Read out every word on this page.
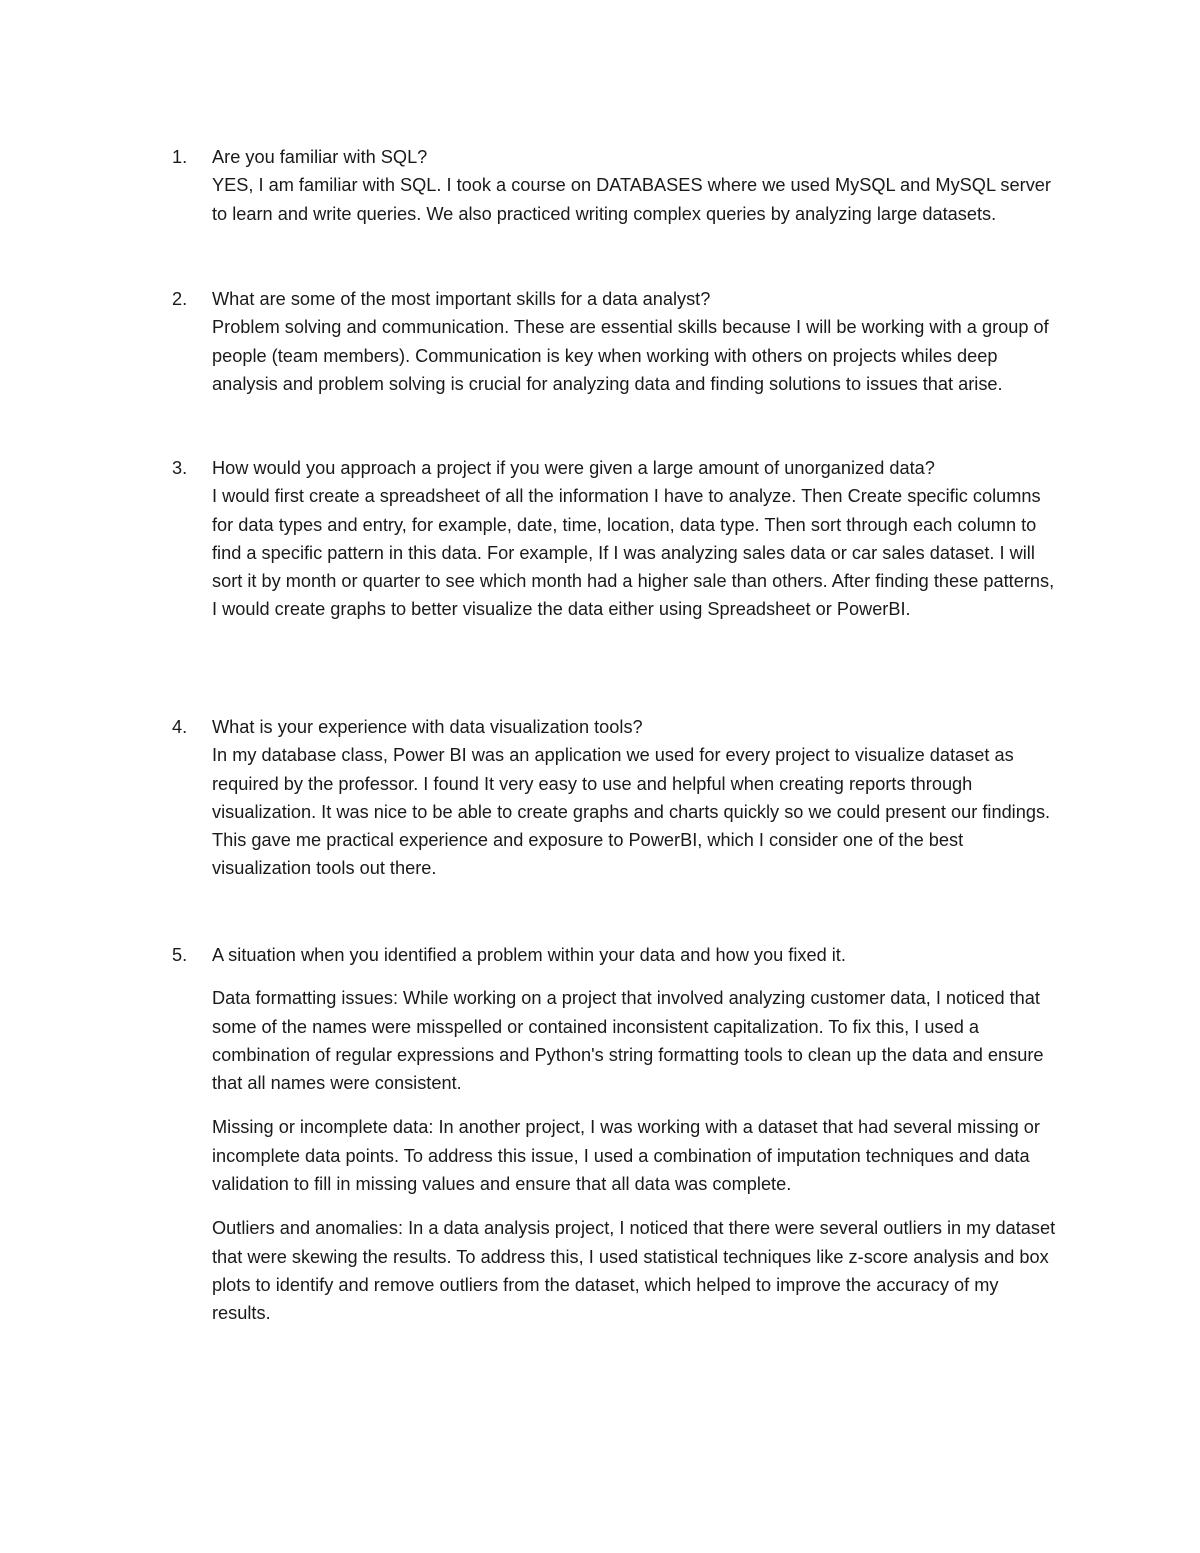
1.	Are you familiar with SQL?
YES, I am familiar with SQL. I took a course on DATABASES where we used MySQL and MySQL server to learn and write queries. We also practiced writing complex queries by analyzing large datasets.
2.	What are some of the most important skills for a data analyst?
Problem solving and communication. These are essential skills because I will be working with a group of people (team members). Communication is key when working with others on projects whiles deep analysis and problem solving is crucial for analyzing data and finding solutions to issues that arise.
3.	How would you approach a project if you were given a large amount of unorganized data?
I would first create a spreadsheet of all the information I have to analyze. Then Create specific columns for data types and entry, for example, date, time, location, data type. Then sort through each column to find a specific pattern in this data. For example, If I was analyzing sales data or car sales dataset. I will sort it by month or quarter to see which month had a higher sale than others. After finding these patterns, I would create graphs to better visualize the data either using Spreadsheet or PowerBI.
4.	What is your experience with data visualization tools?
In my database class, Power BI was an application we used for every project to visualize dataset as required by the professor. I found It very easy to use and helpful when creating reports through visualization. It was nice to be able to create graphs and charts quickly so we could present our findings. This gave me practical experience and exposure to PowerBI, which I consider one of the best visualization tools out there.
5.	A situation when you identified a problem within your data and how you fixed it.

Data formatting issues: While working on a project that involved analyzing customer data, I noticed that some of the names were misspelled or contained inconsistent capitalization. To fix this, I used a combination of regular expressions and Python's string formatting tools to clean up the data and ensure that all names were consistent.

Missing or incomplete data: In another project, I was working with a dataset that had several missing or incomplete data points. To address this issue, I used a combination of imputation techniques and data validation to fill in missing values and ensure that all data was complete.

Outliers and anomalies: In a data analysis project, I noticed that there were several outliers in my dataset that were skewing the results. To address this, I used statistical techniques like z-score analysis and box plots to identify and remove outliers from the dataset, which helped to improve the accuracy of my results.
